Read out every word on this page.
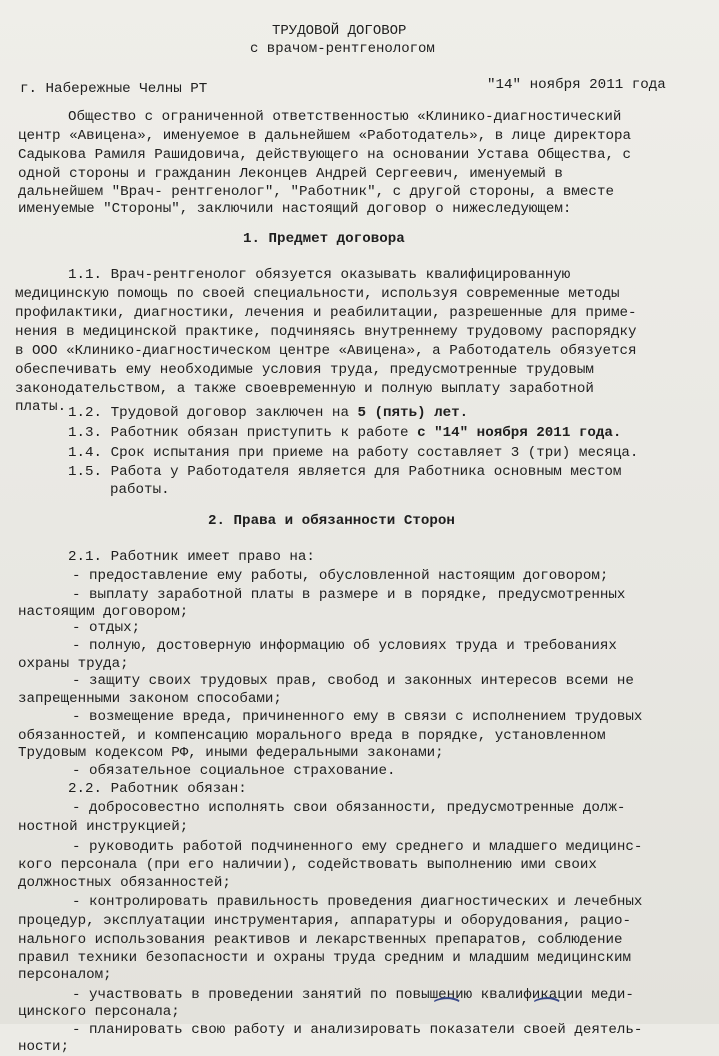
ТРУДОВОЙ ДОГОВОР
с врачом-рентгенологом
г. Набережные Челны РТ	"14" ноября 2011 года
Общество с ограниченной ответственностью «Клинико-диагностический
центр «Авицена», именуемое в дальнейшем «Работодатель», в лице директора
Садыкова Рамиля Рашидовича, действующего на основании Устава Общества, с
одной стороны и гражданин Леконцев Андрей Сергеевич, именуемый в
дальнейшем "Врач- рентгенолог", "Работник", с другой стороны, а вместе
именуемые "Стороны", заключили настоящий договор о нижеследующем:
1. Предмет договора
1.1. Врач-рентгенолог обязуется оказывать квалифицированную
медицинскую помощь по своей специальности, используя современные методы
профилактики, диагностики, лечения и реабилитации, разрешенные для приме-
нения в медицинской практике, подчиняясь внутреннему трудовому распорядку
в ООО «Клинико-диагностическом центре «Авицена», а Работодатель обязуется
обеспечивать ему необходимые условия труда, предусмотренные трудовым
законодательством, а также своевременную и полную выплату заработной
платы. 1.2. Трудовой договор заключен на 5 (пять) лет.
1.3. Работник обязан приступить к работе с "14" ноября 2011 года.
1.4. Срок испытания при приеме на работу составляет 3 (три) месяца.
1.5. Работа у Работодателя является для Работника основным местом
работы.
2. Права и обязанности Сторон
2.1. Работник имеет право на:
- предоставление ему работы, обусловленной настоящим договором;
- выплату заработной платы в размере и в порядке, предусмотренных
настоящим договором;
- отдых;
- полную, достоверную информацию об условиях труда и требованиях
охраны труда;
- защиту своих трудовых прав, свобод и законных интересов всеми не
запрещенными законом способами;
- возмещение вреда, причиненного ему в связи с исполнением трудовых
обязанностей, и компенсацию морального вреда в порядке, установленном
Трудовым кодексом РФ, иными федеральными законами;
- обязательное социальное страхование.
2.2. Работник обязан:
- добросовестно исполнять свои обязанности, предусмотренные долж-
ностной инструкцией;
- руководить работой подчиненного ему среднего и младшего медицинс-
кого персонала (при его наличии), содействовать выполнению ими своих
должностных обязанностей;
- контролировать правильность проведения диагностических и лечебных
процедур, эксплуатации инструментария, аппаратуры и оборудования, рацио-
нального использования реактивов и лекарственных препаратов, соблюдение
правил техники безопасности и охраны труда средним и младшим медицинским
персоналом;
- участвовать в проведении занятий по повышению квалификации меди-
цинского персонала;
- планировать свою работу и анализировать показатели своей деятель-
ности;
⁀	⁀
